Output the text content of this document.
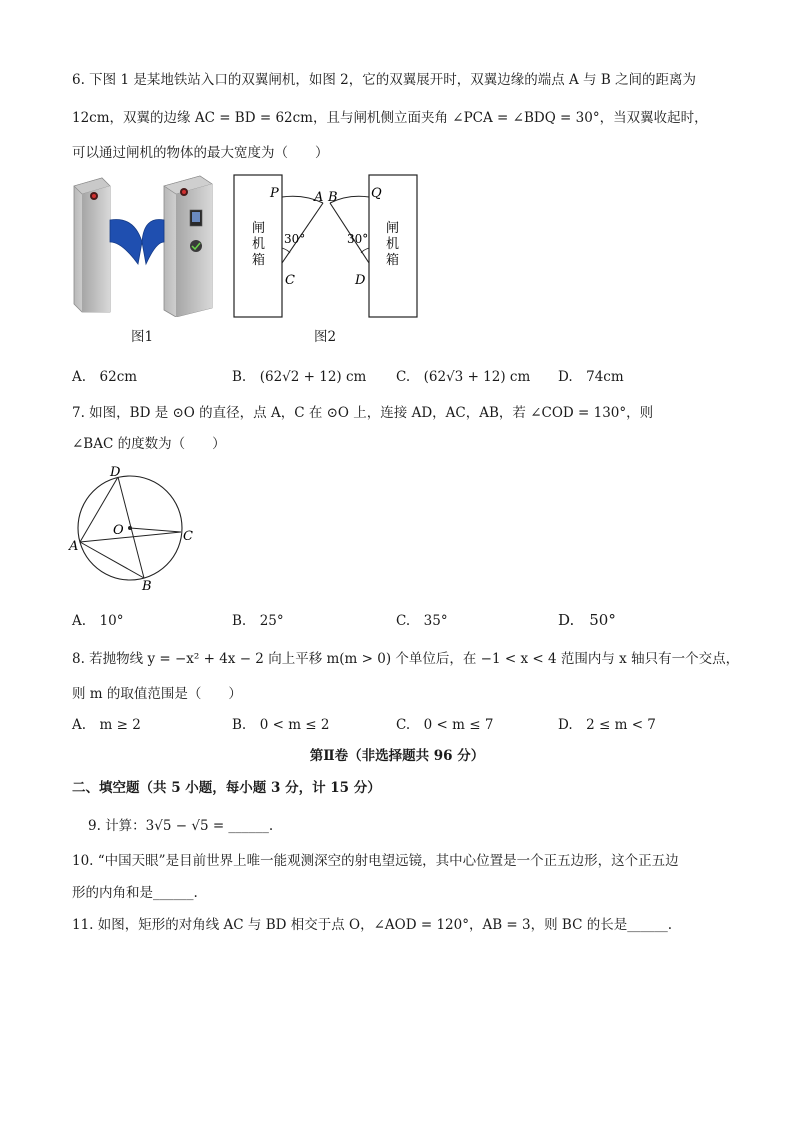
6. 下图 1 是某地铁站入口的双翼闸机，如图 2，它的双翼展开时，双翼边缘的端点 A 与 B 之间的距离为
12cm，双翼的边缘 AC = BD = 62cm，且与闸机侧立面夹角 ∠PCA = ∠BDQ = 30°，当双翼收起时，
可以通过闸机的物体的最大宽度为（　　）
图1
P	A B	Q
C	D
30°	30°
闸
机
箱
闸
机
箱
图2
A.　62cm	B.　(62√2 + 12) cm C.　(62√3 + 12) cm D.　74cm
7. 如图，BD 是 ⊙O 的直径，点 A，C 在 ⊙O 上，连接 AD，AC，AB，若 ∠COD = 130°，则
∠BAC 的度数为（　　）
D
O	C
A
B
A.　10°	B.　25°	C.　35°	D.　50°
8. 若抛物线 y = −x² + 4x − 2 向上平移 m(m > 0) 个单位后，在 −1 < x < 4 范围内与 x 轴只有一个交点，
则 m 的取值范围是（　　）
A.　m ≥ 2	B.　0 < m ≤ 2	C.　0 < m ≤ 7	D.　2 ≤ m < 7
第Ⅱ卷（非选择题共 96 分）
二、填空题（共 5 小题，每小题 3 分，计 15 分）
9. 计算：3√5 − √5 = ______.
10. “中国天眼”是目前世界上唯一能观测深空的射电望远镜，其中心位置是一个正五边形，这个正五边
形的内角和是______.
11. 如图，矩形的对角线 AC 与 BD 相交于点 O，∠AOD = 120°，AB = 3，则 BC 的长是______.
